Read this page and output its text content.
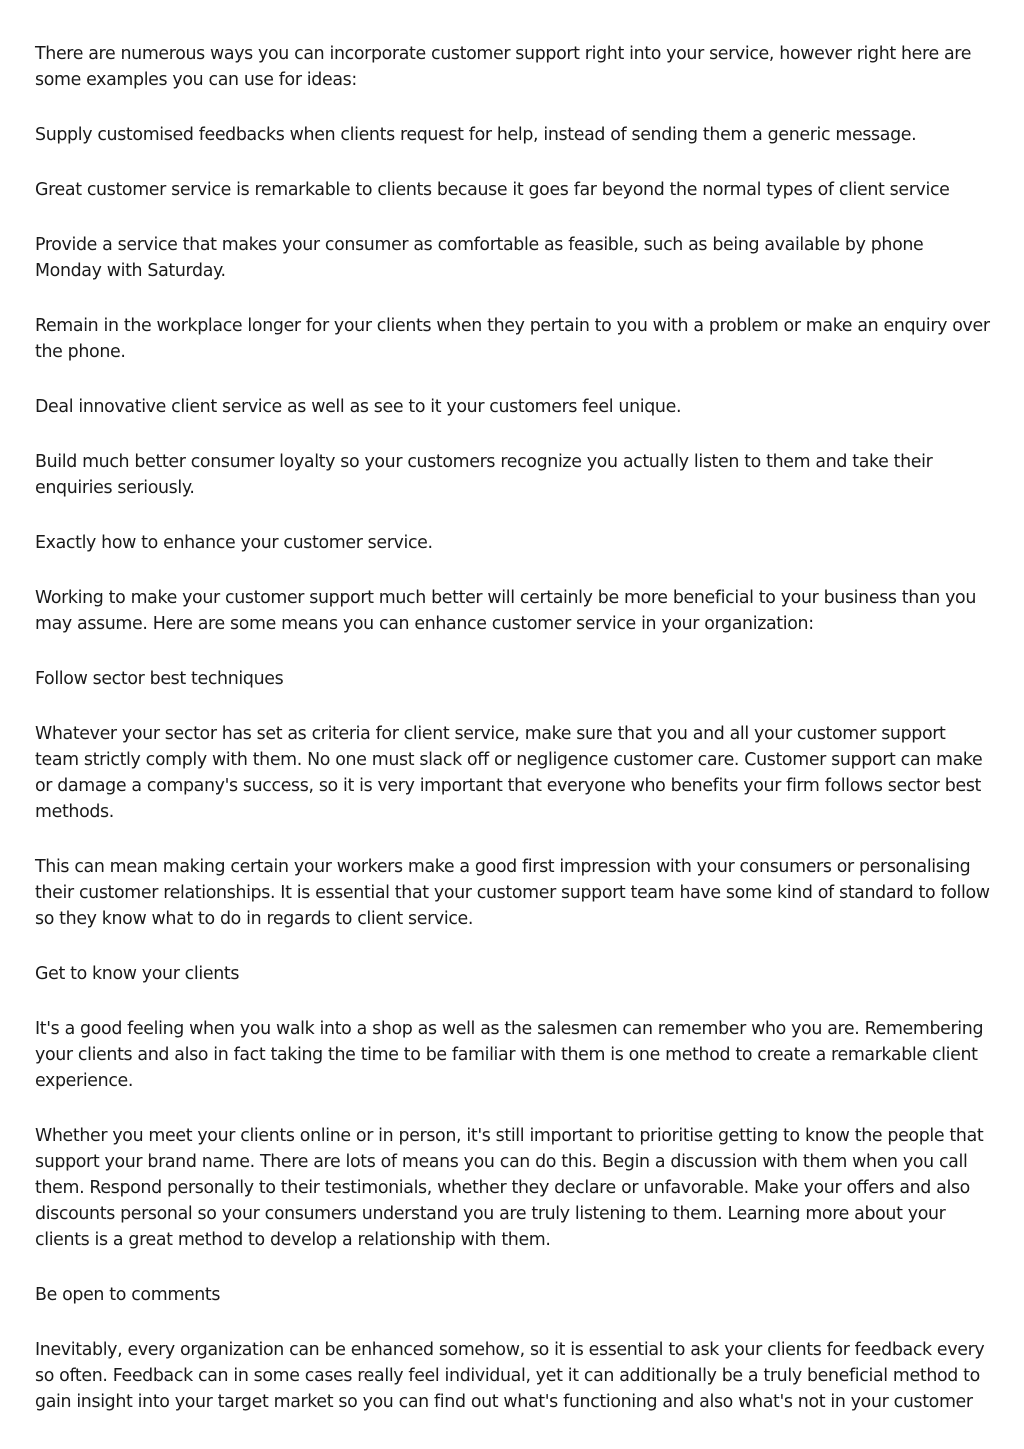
There are numerous ways you can incorporate customer support right into your service, however right here are some examples you can use for ideas:

Supply customised feedbacks when clients request for help, instead of sending them a generic message.

Great customer service is remarkable to clients because it goes far beyond the normal types of client service

Provide a service that makes your consumer as comfortable as feasible, such as being available by phone Monday with Saturday.

Remain in the workplace longer for your clients when they pertain to you with a problem or make an enquiry over the phone.

Deal innovative client service as well as see to it your customers feel unique.

Build much better consumer loyalty so your customers recognize you actually listen to them and take their enquiries seriously.

Exactly how to enhance your customer service.

Working to make your customer support much better will certainly be more beneficial to your business than you may assume. Here are some means you can enhance customer service in your organization:

Follow sector best techniques

Whatever your sector has set as criteria for client service, make sure that you and all your customer support team strictly comply with them. No one must slack off or negligence customer care. Customer support can make or damage a company's success, so it is very important that everyone who benefits your firm follows sector best methods.

This can mean making certain your workers make a good first impression with your consumers or personalising their customer relationships. It is essential that your customer support team have some kind of standard to follow so they know what to do in regards to client service.

Get to know your clients

It's a good feeling when you walk into a shop as well as the salesmen can remember who you are. Remembering your clients and also in fact taking the time to be familiar with them is one method to create a remarkable client experience.

Whether you meet your clients online or in person, it's still important to prioritise getting to know the people that support your brand name. There are lots of means you can do this. Begin a discussion with them when you call them. Respond personally to their testimonials, whether they declare or unfavorable. Make your offers and also discounts personal so your consumers understand you are truly listening to them. Learning more about your clients is a great method to develop a relationship with them.

Be open to comments

Inevitably, every organization can be enhanced somehow, so it is essential to ask your clients for feedback every so often. Feedback can in some cases really feel individual, yet it can additionally be a truly beneficial method to gain insight into your target market so you can find out what's functioning and also what's not in your customer
